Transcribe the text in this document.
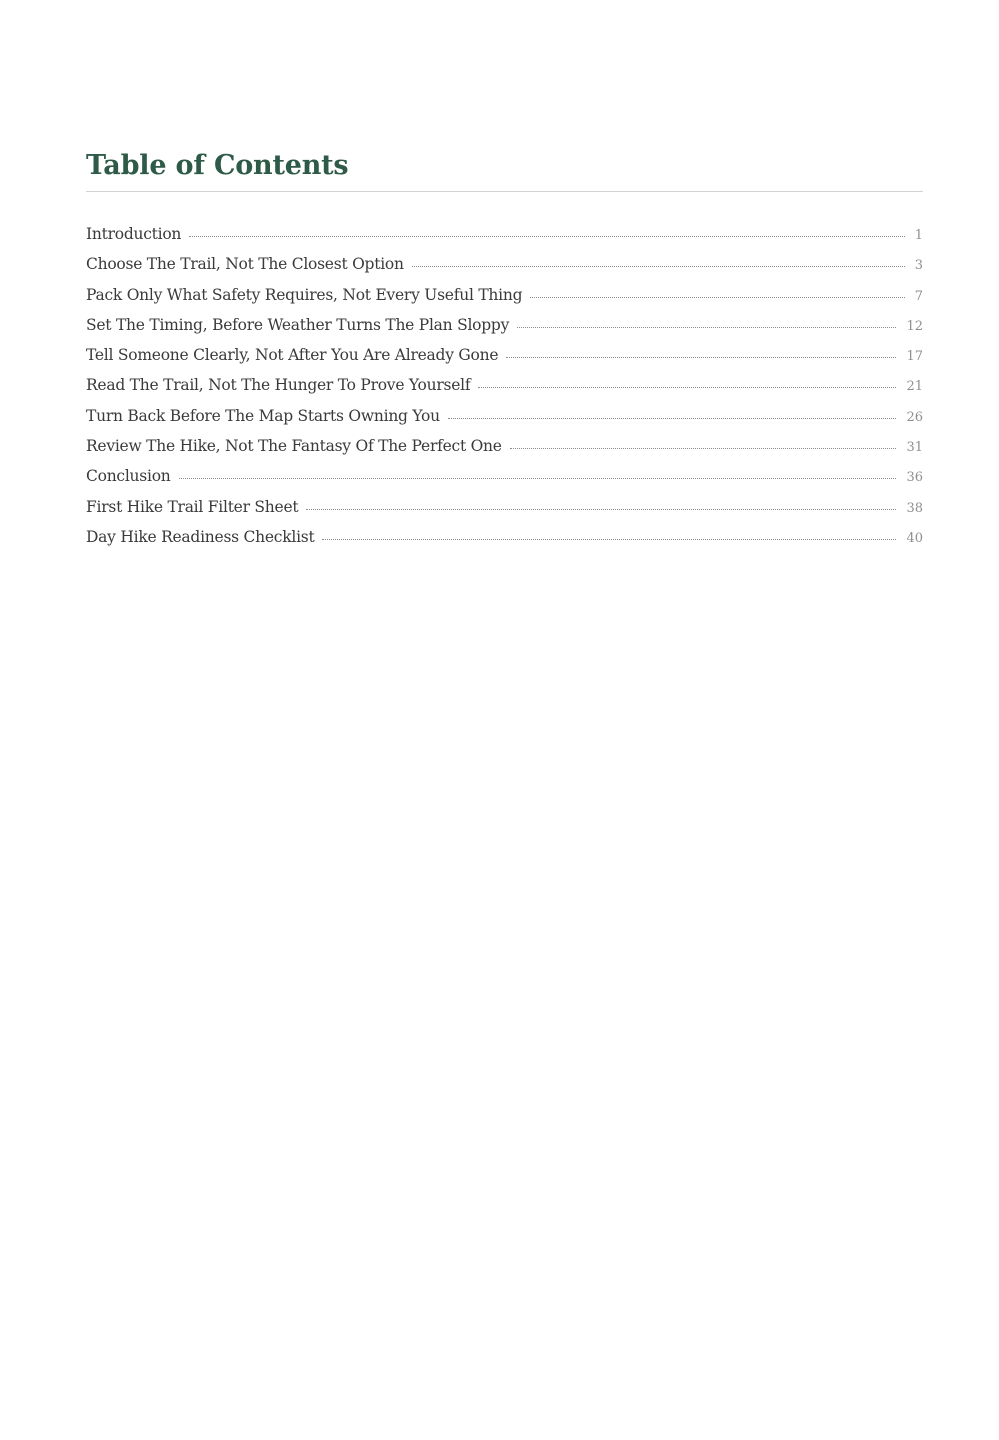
Table of Contents
Introduction	1
Choose The Trail, Not The Closest Option	3
Pack Only What Safety Requires, Not Every Useful Thing	7
Set The Timing, Before Weather Turns The Plan Sloppy	12
Tell Someone Clearly, Not After You Are Already Gone	17
Read The Trail, Not The Hunger To Prove Yourself	21
Turn Back Before The Map Starts Owning You	26
Review The Hike, Not The Fantasy Of The Perfect One	31
Conclusion	36
First Hike Trail Filter Sheet	38
Day Hike Readiness Checklist	40
